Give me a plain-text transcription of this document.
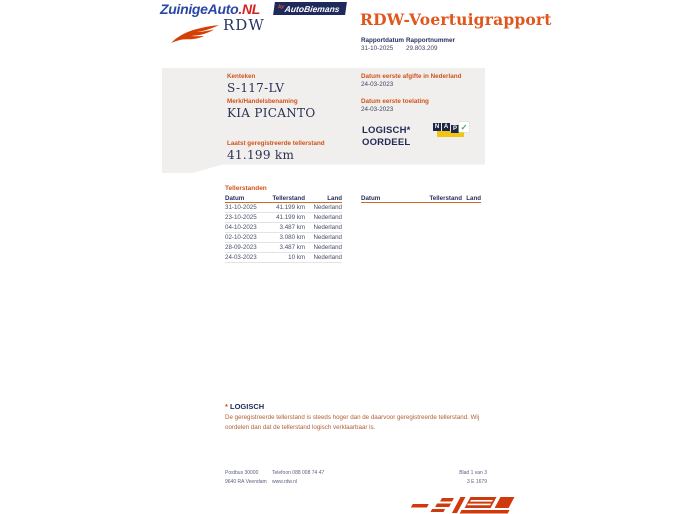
ZuinigeAuto.NL	by AutoBiemans
RDW	RDW-Voertuigrapport
Rapportdatum Rapportnummer
31-10-2025 29.803.209
Kenteken
S-117-LV
Merk/Handelsbenaming
KIA PICANTO
Laatst geregistreerde tellerstand
41.199 km
Datum eerste afgifte in Nederland
24-03-2023
Datum eerste toelating
24-03-2023
LOGISCH*
OORDEEL
N A P ✓
Tellerstanden
Datum	Tellerstand	Land
31-10-2025	41.199 km	Nederland
23-10-2025	41.199 km	Nederland
04-10-2023	3.487 km	Nederland
02-10-2023	3.080 km	Nederland
28-09-2023	3.487 km	Nederland
24-03-2023	10 km	Nederland
Datum	Tellerstand Land
* LOGISCH
De geregistreerde tellerstand is steeds hoger dan de daarvoor geregistreerde tellerstand. Wij oordelen dan dat de tellerstand logisch verklaarbaar is.
Postbus 30000
9640 RA Veendam
Telefoon 088 008 74 47
www.rdw.nl
Blad 1 van 3
3 E 1679
